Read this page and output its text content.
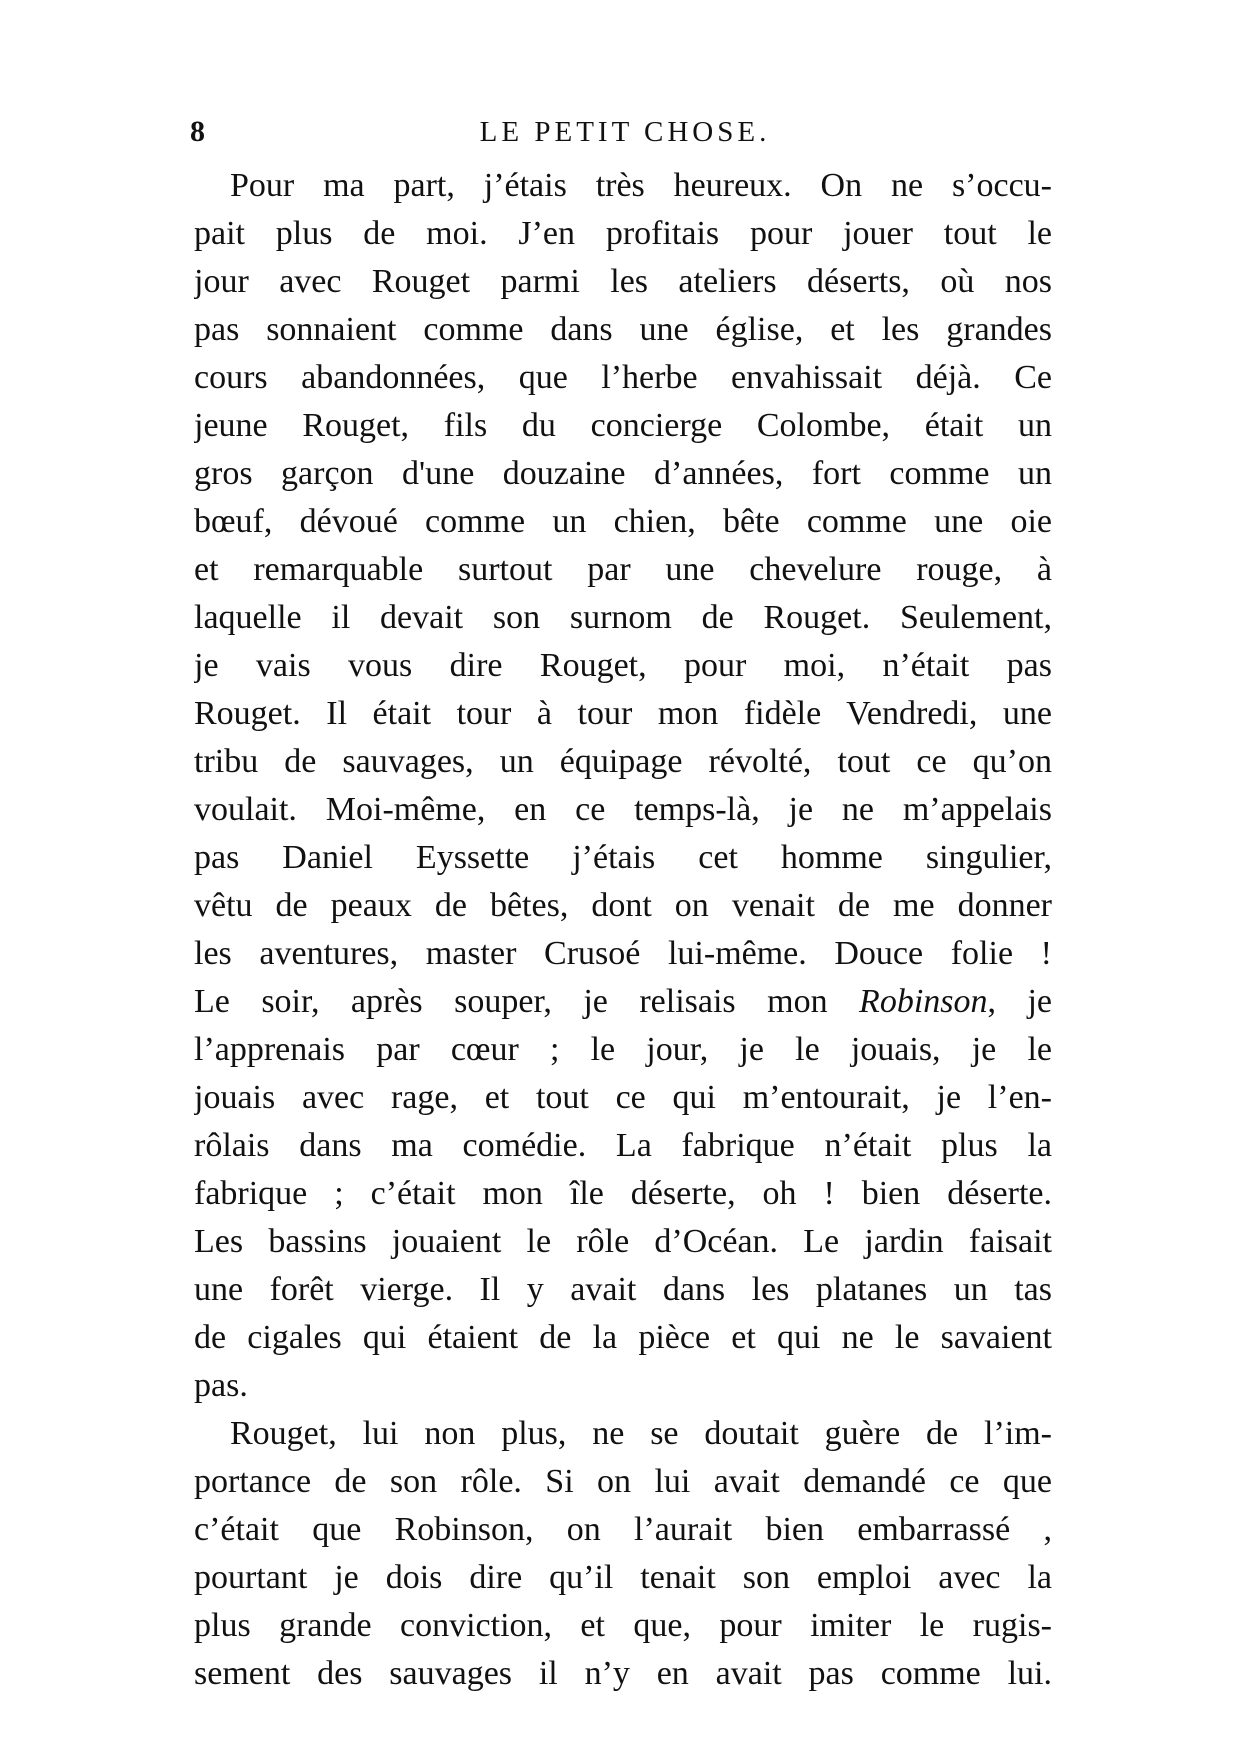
8	LE PETIT CHOSE.
Pour ma part, j’étais très heureux. On ne s’occu-
pait plus de moi. J’en profitais pour jouer tout le
jour avec Rouget parmi les ateliers déserts, où nos
pas sonnaient comme dans une église, et les grandes
cours abandonnées, que l’herbe envahissait déjà. Ce
jeune Rouget, fils du concierge Colombe, était un
gros garçon d'une douzaine d’années, fort comme un
bœuf, dévoué comme un chien, bête comme une oie
et remarquable surtout par une chevelure rouge, à
laquelle il devait son surnom de Rouget. Seulement,
je vais vous dire Rouget, pour moi, n’était pas
Rouget. Il était tour à tour mon fidèle Vendredi, une
tribu de sauvages, un équipage révolté, tout ce qu’on
voulait. Moi-même, en ce temps-là, je ne m’appelais
pas Daniel Eyssette j’étais cet homme singulier,
vêtu de peaux de bêtes, dont on venait de me donner
les aventures, master Crusoé lui-même. Douce folie !
Le soir, après souper, je relisais mon Robinson, je
l’apprenais par cœur ; le jour, je le jouais, je le
jouais avec rage, et tout ce qui m’entourait, je l’en-
rôlais dans ma comédie. La fabrique n’était plus la
fabrique ; c’était mon île déserte, oh ! bien déserte.
Les bassins jouaient le rôle d’Océan. Le jardin faisait
une forêt vierge. Il y avait dans les platanes un tas
de cigales qui étaient de la pièce et qui ne le savaient
pas.
Rouget, lui non plus, ne se doutait guère de l’im-
portance de son rôle. Si on lui avait demandé ce que
c’était que Robinson, on l’aurait bien embarrassé ,
pourtant je dois dire qu’il tenait son emploi avec la
plus grande conviction, et que, pour imiter le rugis-
sement des sauvages il n’y en avait pas comme lui.
